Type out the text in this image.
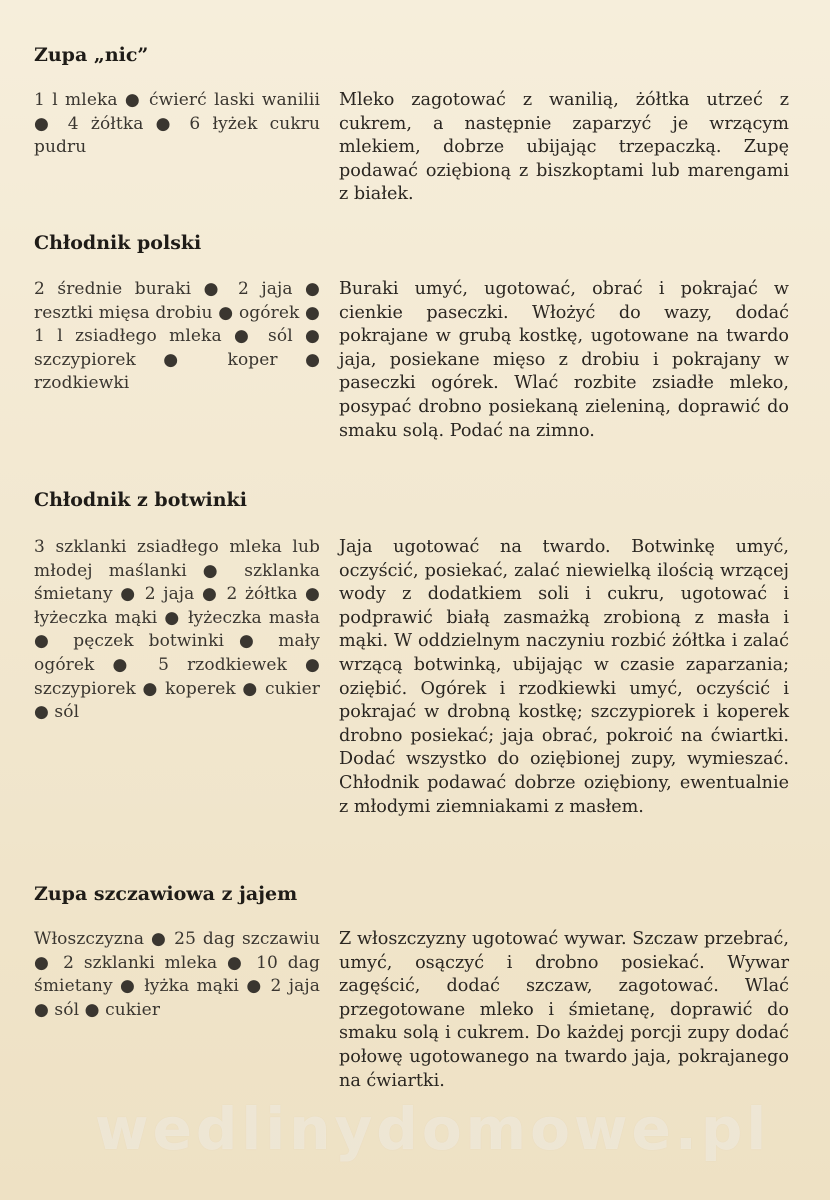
Zupa „nic”
1 l mleka ● ćwierć laski wanilii ● 4 żółtka ● 6 łyżek cukru pudru
Mleko zagotować z wanilią, żółtka utrzeć z cukrem, a następnie zaparzyć je wrzącym mlekiem, dobrze ubijając trzepaczką. Zupę podawać oziębioną z biszkoptami lub marengami z białek.
Chłodnik polski
2 średnie buraki ● 2 jaja ● resztki mięsa drobiu ● ogórek ● 1 l zsiadłego mleka ● sól ● szczypiorek ● koper ● rzodkiewki
Buraki umyć, ugotować, obrać i pokrajać w cienkie paseczki. Włożyć do wazy, dodać pokrajane w grubą kostkę, ugotowane na twardo jaja, posiekane mięso z drobiu i pokrajany w paseczki ogórek. Wlać rozbite zsiadłe mleko, posypać drobno posiekaną zieleniną, doprawić do smaku solą. Podać na zimno.
Chłodnik z botwinki
3 szklanki zsiadłego mleka lub młodej maślanki ● szklanka śmietany ● 2 jaja ● 2 żółtka ● łyżeczka mąki ● łyżeczka masła ● pęczek botwinki ● mały ogórek ● 5 rzodkiewek ● szczypiorek ● koperek ● cukier ● sól
Jaja ugotować na twardo. Botwinkę umyć, oczyścić, posiekać, zalać niewielką ilością wrzącej wody z dodatkiem soli i cukru, ugotować i podprawić białą zasmażką zrobioną z masła i mąki. W oddzielnym naczyniu rozbić żółtka i zalać wrzącą botwinką, ubijając w czasie zaparzania; oziębić. Ogórek i rzodkiewki umyć, oczyścić i pokrajać w drobną kostkę; szczypiorek i koperek drobno posiekać; jaja obrać, pokroić na ćwiartki. Dodać wszystko do oziębionej zupy, wymieszać. Chłodnik podawać dobrze oziębiony, ewentualnie z młodymi ziemniakami z masłem.
Zupa szczawiowa z jajem
Włoszczyzna ● 25 dag szczawiu ● 2 szklanki mleka ● 10 dag śmietany ● łyżka mąki ● 2 jaja ● sól ● cukier
Z włoszczyzny ugotować wywar. Szczaw przebrać, umyć, osączyć i drobno posiekać. Wywar zagęścić, dodać szczaw, zagotować. Wlać przegotowane mleko i śmietanę, doprawić do smaku solą i cukrem. Do każdej porcji zupy dodać połowę ugotowanego na twardo jaja, pokrajanego na ćwiartki.
wedlinydomowe.pl
